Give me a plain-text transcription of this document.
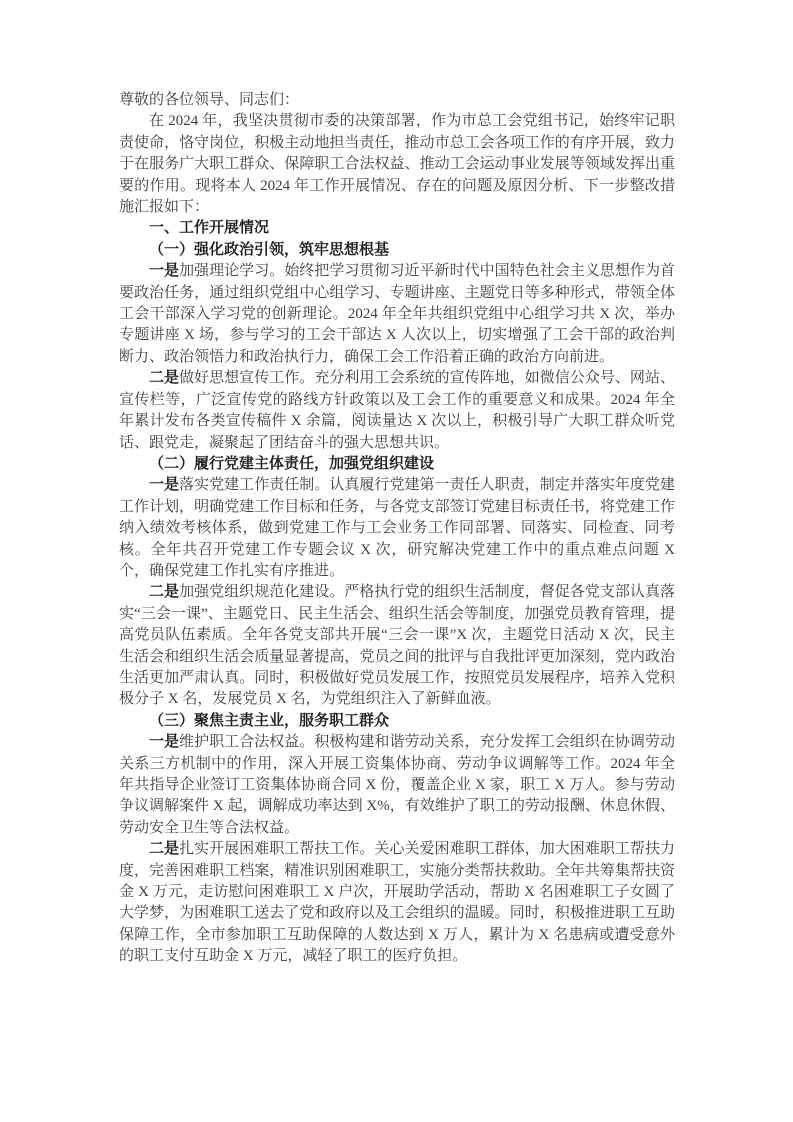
尊敬的各位领导、同志们：

在 2024 年，我坚决贯彻市委的决策部署，作为市总工会党组书记，始终牢记职责使命，恪守岗位，积极主动地担当责任，推动市总工会各项工作的有序开展，致力于在服务广大职工群众、保障职工合法权益、推动工会运动事业发展等领域发挥出重要的作用。现将本人 2024 年工作开展情况、存在的问题及原因分析、下一步整改措施汇报如下：

一、工作开展情况

（一）强化政治引领，筑牢思想根基

一是加强理论学习。始终把学习贯彻习近平新时代中国特色社会主义思想作为首要政治任务，通过组织党组中心组学习、专题讲座、主题党日等多种形式，带领全体工会干部深入学习党的创新理论。2024 年全年共组织党组中心组学习共 X 次，举办专题讲座 X 场，参与学习的工会干部达 X 人次以上，切实增强了工会干部的政治判断力、政治领悟力和政治执行力，确保工会工作沿着正确的政治方向前进。

二是做好思想宣传工作。充分利用工会系统的宣传阵地，如微信公众号、网站、宣传栏等，广泛宣传党的路线方针政策以及工会工作的重要意义和成果。2024 年全年累计发布各类宣传稿件 X 余篇，阅读量达 X 次以上，积极引导广大职工群众听党话、跟党走，凝聚起了团结奋斗的强大思想共识。

（二）履行党建主体责任，加强党组织建设

一是落实党建工作责任制。认真履行党建第一责任人职责，制定并落实年度党建工作计划，明确党建工作目标和任务，与各党支部签订党建目标责任书，将党建工作纳入绩效考核体系，做到党建工作与工会业务工作同部署、同落实、同检查、同考核。全年共召开党建工作专题会议 X 次，研究解决党建工作中的重点难点问题 X 个，确保党建工作扎实有序推进。

二是加强党组织规范化建设。严格执行党的组织生活制度，督促各党支部认真落实“三会一课”、主题党日、民主生活会、组织生活会等制度，加强党员教育管理，提高党员队伍素质。全年各党支部共开展“三会一课”X 次，主题党日活动 X 次，民主生活会和组织生活会质量显著提高，党员之间的批评与自我批评更加深刻，党内政治生活更加严肃认真。同时，积极做好党员发展工作，按照党员发展程序，培养入党积极分子 X 名，发展党员 X 名，为党组织注入了新鲜血液。

（三）聚焦主责主业，服务职工群众

一是维护职工合法权益。积极构建和谐劳动关系，充分发挥工会组织在协调劳动关系三方机制中的作用，深入开展工资集体协商、劳动争议调解等工作。2024 年全年共指导企业签订工资集体协商合同 X 份，覆盖企业 X 家，职工 X 万人。参与劳动争议调解案件 X 起，调解成功率达到 X%，有效维护了职工的劳动报酬、休息休假、劳动安全卫生等合法权益。

二是扎实开展困难职工帮扶工作。关心关爱困难职工群体，加大困难职工帮扶力度，完善困难职工档案，精准识别困难职工，实施分类帮扶救助。全年共筹集帮扶资金 X 万元，走访慰问困难职工 X 户次，开展助学活动，帮助 X 名困难职工子女圆了大学梦，为困难职工送去了党和政府以及工会组织的温暖。同时，积极推进职工互助保障工作，全市参加职工互助保障的人数达到 X 万人，累计为 X 名患病或遭受意外的职工支付互助金 X 万元，减轻了职工的医疗负担。
